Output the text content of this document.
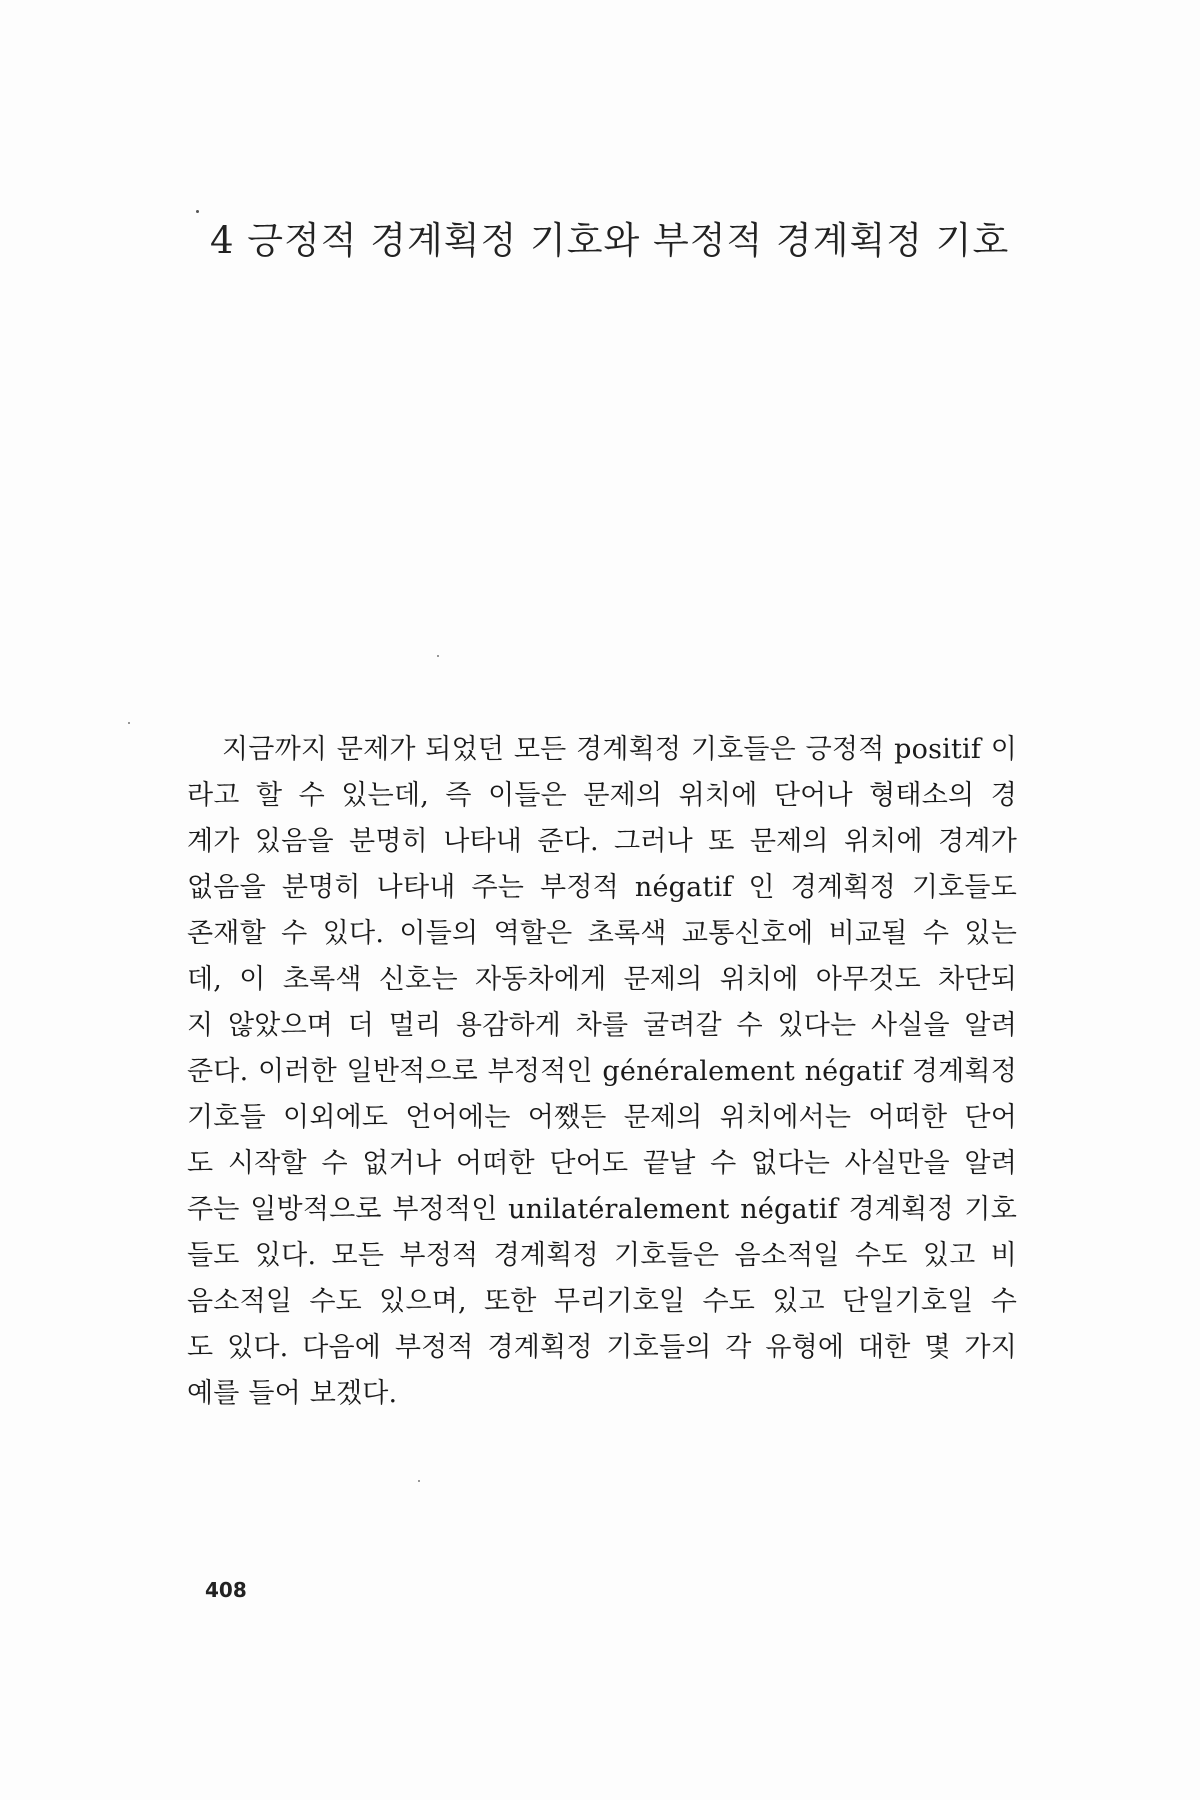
4 긍정적 경계획정 기호와 부정적 경계획정 기호
지금까지 문제가 되었던 모든 경계획정 기호들은 긍정적 positif 이
라고 할 수 있는데, 즉 이들은 문제의 위치에 단어나 형태소의 경
계가 있음을 분명히 나타내 준다. 그러나 또 문제의 위치에 경계가
없음을 분명히 나타내 주는 부정적 négatif 인 경계획정 기호들도
존재할 수 있다. 이들의 역할은 초록색 교통신호에 비교될 수 있는
데, 이 초록색 신호는 자동차에게 문제의 위치에 아무것도 차단되
지 않았으며 더 멀리 용감하게 차를 굴려갈 수 있다는 사실을 알려
준다. 이러한 일반적으로 부정적인 généralement négatif 경계획정
기호들 이외에도 언어에는 어쨌든 문제의 위치에서는 어떠한 단어
도 시작할 수 없거나 어떠한 단어도 끝날 수 없다는 사실만을 알려
주는 일방적으로 부정적인 unilatéralement négatif 경계획정 기호
들도 있다. 모든 부정적 경계획정 기호들은 음소적일 수도 있고 비
음소적일 수도 있으며, 또한 무리기호일 수도 있고 단일기호일 수
도 있다. 다음에 부정적 경계획정 기호들의 각 유형에 대한 몇 가지
예를 들어 보겠다.
408
